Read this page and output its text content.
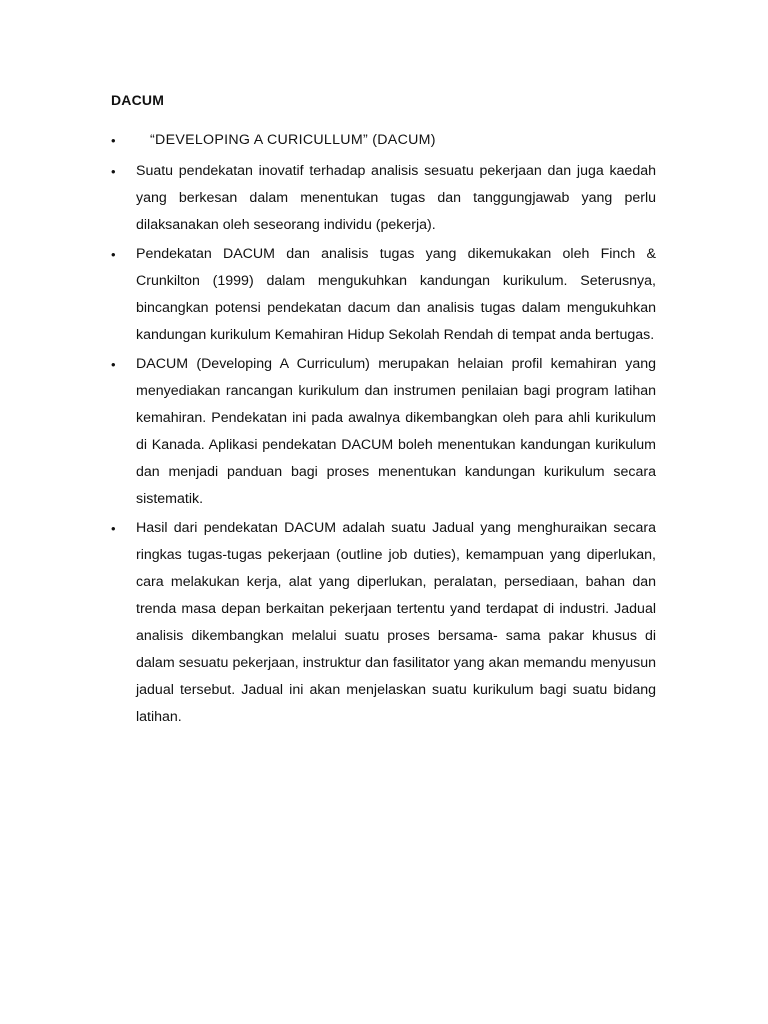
DACUM
•	“DEVELOPING A CURICULLUM” (DACUM)
•	Suatu pendekatan inovatif terhadap analisis sesuatu pekerjaan dan juga kaedah yang berkesan dalam menentukan tugas dan tanggungjawab yang perlu dilaksanakan oleh seseorang individu (pekerja).
•	Pendekatan DACUM dan analisis tugas yang dikemukakan oleh Finch & Crunkilton (1999) dalam mengukuhkan kandungan kurikulum. Seterusnya, bincangkan potensi pendekatan dacum dan analisis tugas dalam mengukuhkan kandungan kurikulum Kemahiran Hidup Sekolah Rendah di tempat anda bertugas.
•	DACUM (Developing A Curriculum) merupakan helaian profil kemahiran yang menyediakan rancangan kurikulum dan instrumen penilaian bagi program latihan kemahiran. Pendekatan ini pada awalnya dikembangkan oleh para ahli kurikulum di Kanada. Aplikasi pendekatan DACUM boleh menentukan kandungan kurikulum dan menjadi panduan bagi proses menentukan kandungan kurikulum secara sistematik.
•	Hasil dari pendekatan DACUM adalah suatu Jadual yang menghuraikan secara ringkas tugas-tugas pekerjaan (outline job duties), kemampuan yang diperlukan, cara melakukan kerja, alat yang diperlukan, peralatan, persediaan, bahan dan trenda masa depan berkaitan pekerjaan tertentu yand terdapat di industri. Jadual analisis dikembangkan melalui suatu proses bersama- sama pakar khusus di dalam sesuatu pekerjaan, instruktur dan fasilitator yang akan memandu menyusun jadual tersebut. Jadual ini akan menjelaskan suatu kurikulum bagi suatu bidang latihan.
